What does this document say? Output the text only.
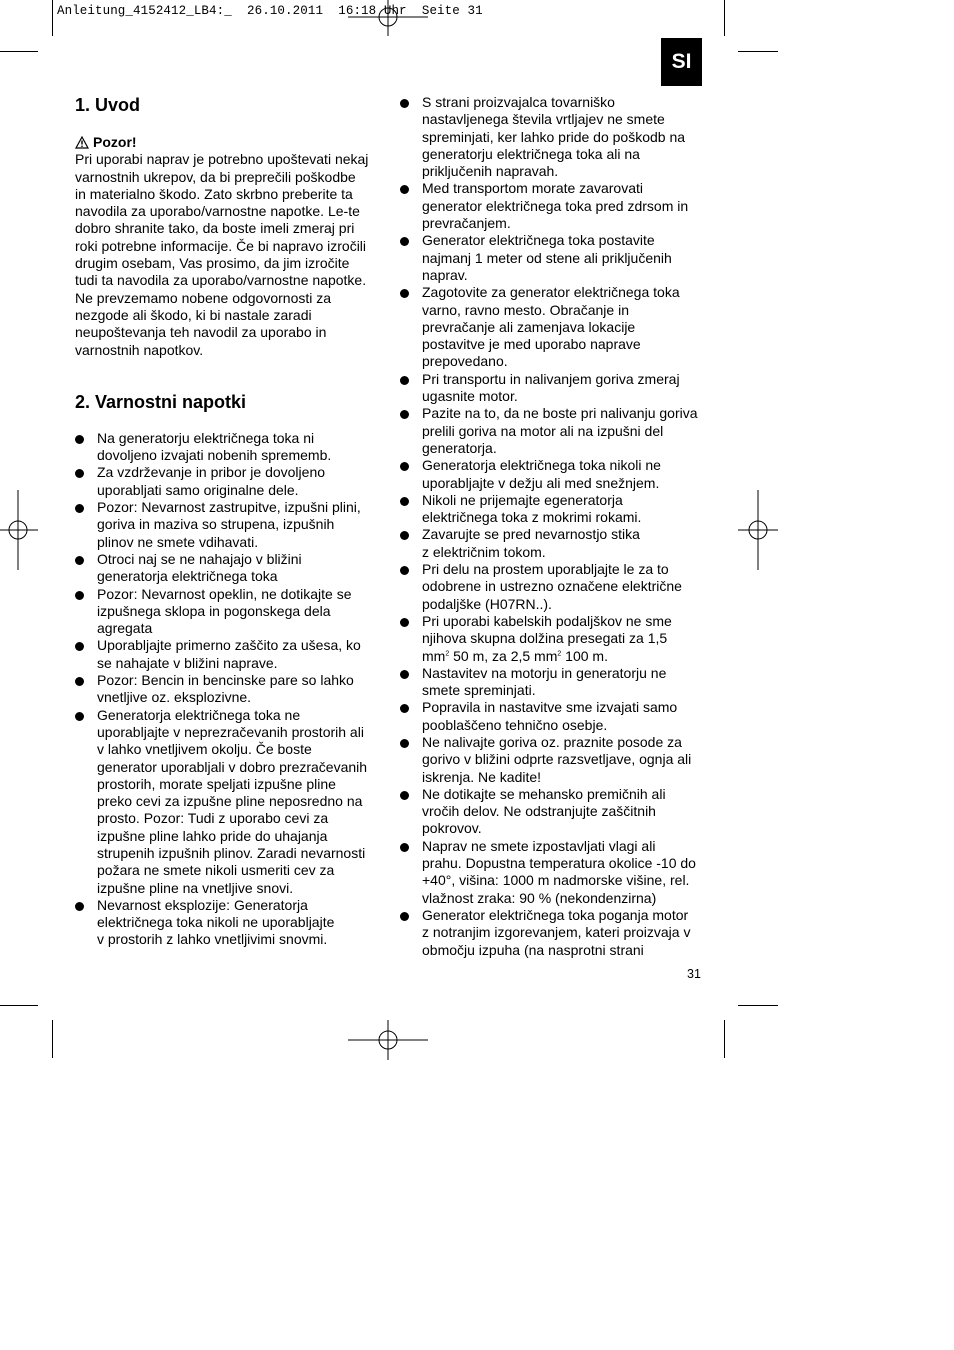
Anleitung_4152412_LB4:_  26.10.2011  16:18 Uhr  Seite 31
SI
1. Uvod
Pozor!

Pri uporabi naprav je potrebno upoštevati nekaj
varnostnih ukrepov, da bi preprečili poškodbe
in materialno škodo. Zato skrbno preberite ta
navodila za uporabo/varnostne napotke. Le-te
dobro shranite tako, da boste imeli zmeraj pri
roki potrebne informacije. Če bi napravo izročili
drugim osebam, Vas prosimo, da jim izročite
tudi ta navodila za uporabo/varnostne napotke.
Ne prevzemamo nobene odgovornosti za
nezgode ali škodo, ki bi nastale zaradi
neupoštevanja teh navodil za uporabo in
varnostnih napotkov.

2. Varnostni napotki
Na generatorju električnega toka ni
dovoljeno izvajati nobenih sprememb.
Za vzdrževanje in pribor je dovoljeno
uporabljati samo originalne dele.
Pozor: Nevarnost zastrupitve, izpušni plini,
goriva in maziva so strupena, izpušnih
plinov ne smete vdihavati.
Otroci naj se ne nahajajo v bližini
generatorja električnega toka
Pozor: Nevarnost opeklin, ne dotikajte se
izpušnega sklopa in pogonskega dela
agregata
Uporabljajte primerno zaščito za ušesa, ko
se nahajate v bližini naprave.
Pozor: Bencin in bencinske pare so lahko
vnetljive oz. eksplozivne.
Generatorja električnega toka ne
uporabljajte v neprezračevanih prostorih ali
v lahko vnetljivem okolju. Če boste
generator uporabljali v dobro prezračevanih
prostorih, morate speljati izpušne pline
preko cevi za izpušne pline neposredno na
prosto. Pozor: Tudi z uporabo cevi za
izpušne pline lahko pride do uhajanja
strupenih izpušnih plinov. Zaradi nevarnosti
požara ne smete nikoli usmeriti cev za
izpušne pline na vnetljive snovi.
Nevarnost eksplozije: Generatorja
električnega toka nikoli ne uporabljajte
v prostorih z lahko vnetljivimi snovmi.
S strani proizvajalca tovarniško
nastavljenega števila vrtljajev ne smete
spreminjati, ker lahko pride do poškodb na
generatorju električnega toka ali na
priključenih napravah.
Med transportom morate zavarovati
generator električnega toka pred zdrsom in
prevračanjem.
Generator električnega toka postavite
najmanj 1 meter od stene ali priključenih
naprav.
Zagotovite za generator električnega toka
varno, ravno mesto. Obračanje in
prevračanje ali zamenjava lokacije
postavitve je med uporabo naprave
prepovedano.
Pri transportu in nalivanjem goriva zmeraj
ugasnite motor.
Pazite na to, da ne boste pri nalivanju goriva
prelili goriva na motor ali na izpušni del
generatorja.
Generatorja električnega toka nikoli ne
uporabljajte v dežju ali med snežnjem.
Nikoli ne prijemajte egeneratorja
električnega toka z mokrimi rokami.
Zavarujte se pred nevarnostjo stika
z električnim tokom.
Pri delu na prostem uporabljajte le za to
odobrene in ustrezno označene električne
podaljške (H07RN..).
Pri uporabi kabelskih podaljškov ne sme
njihova skupna dolžina presegati za 1,5
$mm^2$ 50 m, za 2,5 $mm^2$ 100 m.
Nastavitev na motorju in generatorju ne
smete spreminjati.
Popravila in nastavitve sme izvajati samo
pooblaščeno tehnično osebje.
Ne nalivajte goriva oz. praznite posode za
gorivo v bližini odprte razsvetljave, ognja ali
iskrenja. Ne kadite!
Ne dotikajte se mehansko premičnih ali
vročih delov. Ne odstranjujte zaščitnih
pokrovov.
Naprav ne smete izpostavljati vlagi ali
prahu. Dopustna temperatura okolice -10 do
+40°, višina: 1000 m nadmorske višine, rel.
vlažnost zraka: 90 % (nekondenzirna)
Generator električnega toka poganja motor
z notranjim izgorevanjem, kateri proizvaja v
območju izpuha (na nasprotni strani
31
